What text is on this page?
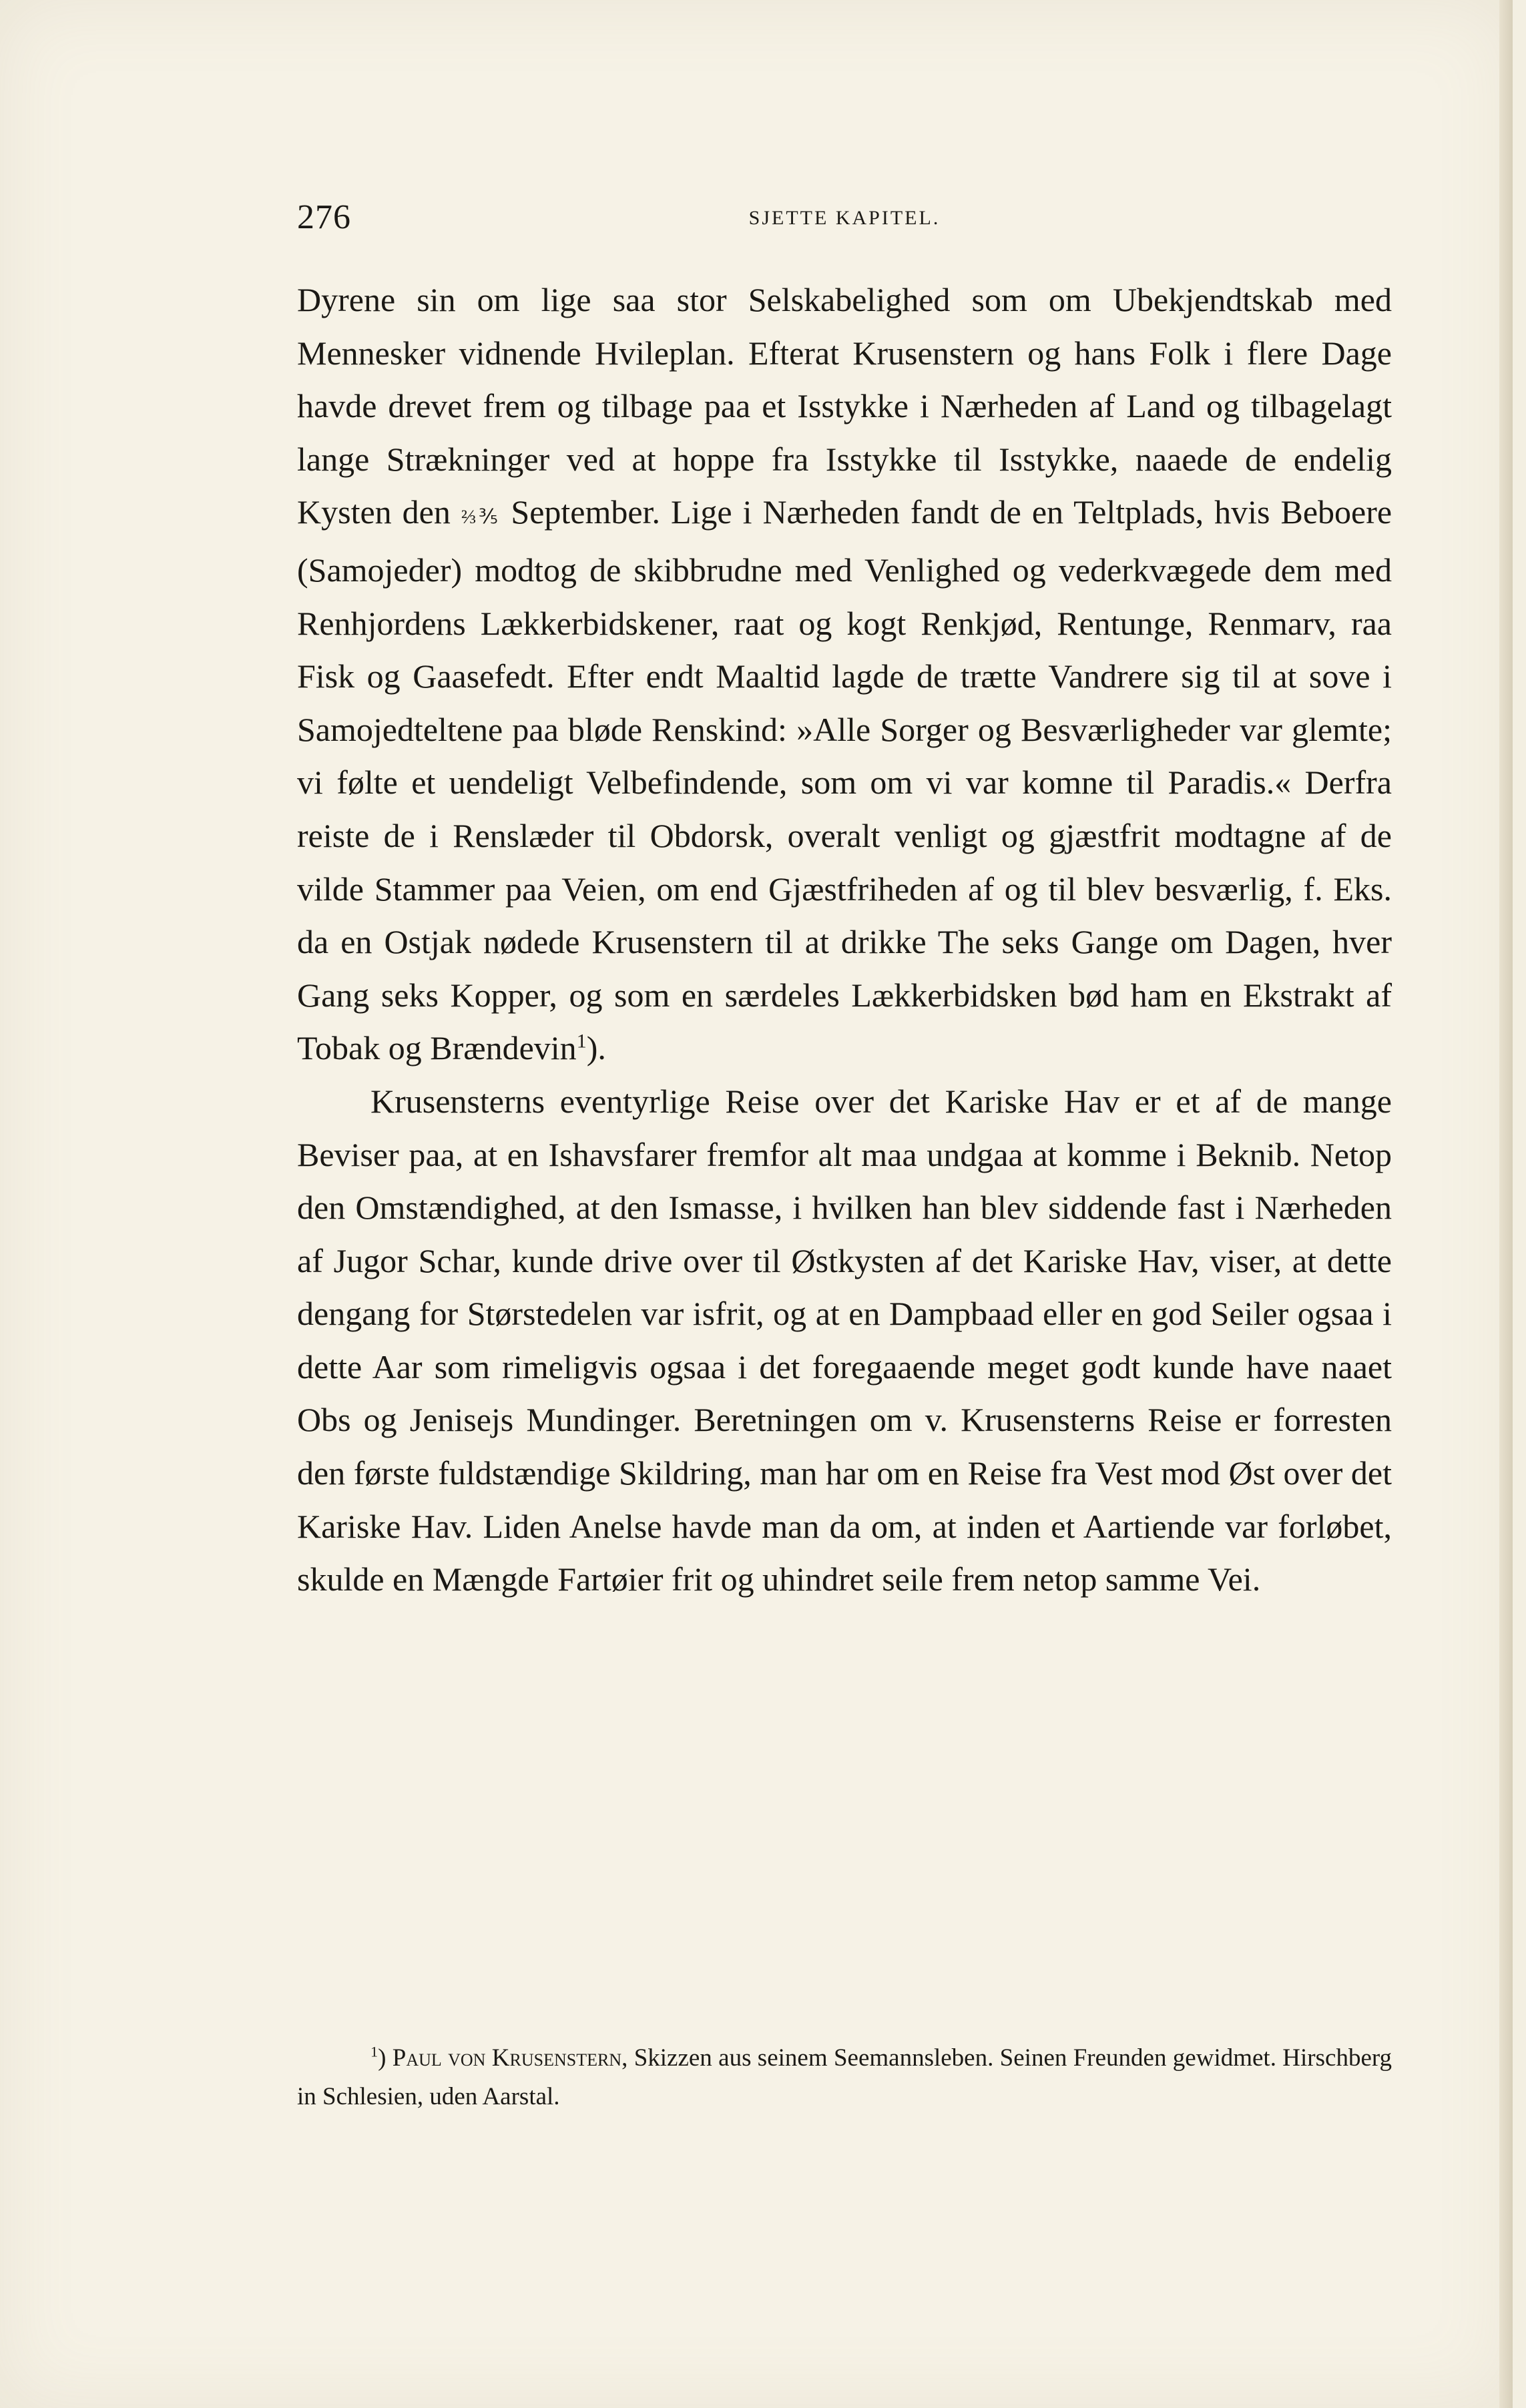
276	SJETTE KAPITEL.

Dyrene sin om lige saa stor Selskabelighed som om Ubekjendtskab med Mennesker vidnende Hvileplan. Efterat Krusenstern og hans Folk i flere Dage havde drevet frem og tilbage paa et Isstykke i Nærheden af Land og tilbagelagt lange Strækninger ved at hoppe fra Isstykke til Isstykke, naaede de endelig Kysten den ⅔⅗ September. Lige i Nærheden fandt de en Teltplads, hvis Beboere (Samojeder) modtog de skibbrudne med Venlighed og vederkvægede dem med Renhjordens Lækkerbidskener, raat og kogt Renkjød, Rentunge, Renmarv, raa Fisk og Gaasefedt. Efter endt Maaltid lagde de trætte Vandrere sig til at sove i Samojedteltene paa bløde Renskind: »Alle Sorger og Besværligheder var glemte; vi følte et uendeligt Velbefindende, som om vi var komne til Paradis.« Derfra reiste de i Renslæder til Obdorsk, overalt venligt og gjæstfrit modtagne af de vilde Stammer paa Veien, om end Gjæstfriheden af og til blev besværlig, f. Eks. da en Ostjak nødede Krusenstern til at drikke The seks Gange om Dagen, hver Gang seks Kopper, og som en særdeles Lækkerbidsken bød ham en Ekstrakt af Tobak og Brændevin$^1$).

Krusensterns eventyrlige Reise over det Kariske Hav er et af de mange Beviser paa, at en Ishavsfarer fremfor alt maa undgaa at komme i Beknib. Netop den Omstændighed, at den Ismasse, i hvilken han blev siddende fast i Nærheden af Jugor Schar, kunde drive over til Østkysten af det Kariske Hav, viser, at dette dengang for Størstedelen var isfrit, og at en Dampbaad eller en god Seiler ogsaa i dette Aar som rimeligvis ogsaa i det foregaaende meget godt kunde have naaet Obs og Jenisejs Mundinger. Beretningen om v. Krusensterns Reise er forresten den første fuldstændige Skildring, man har om en Reise fra Vest mod Øst over det Kariske Hav. Liden Anelse havde man da om, at inden et Aartiende var forløbet, skulde en Mængde Fartøier frit og uhindret seile frem netop samme Vei.

$^1$) Paul von Krusenstern, Skizzen aus seinem Seemannsleben. Seinen Freunden gewidmet. Hirschberg in Schlesien, uden Aarstal.
